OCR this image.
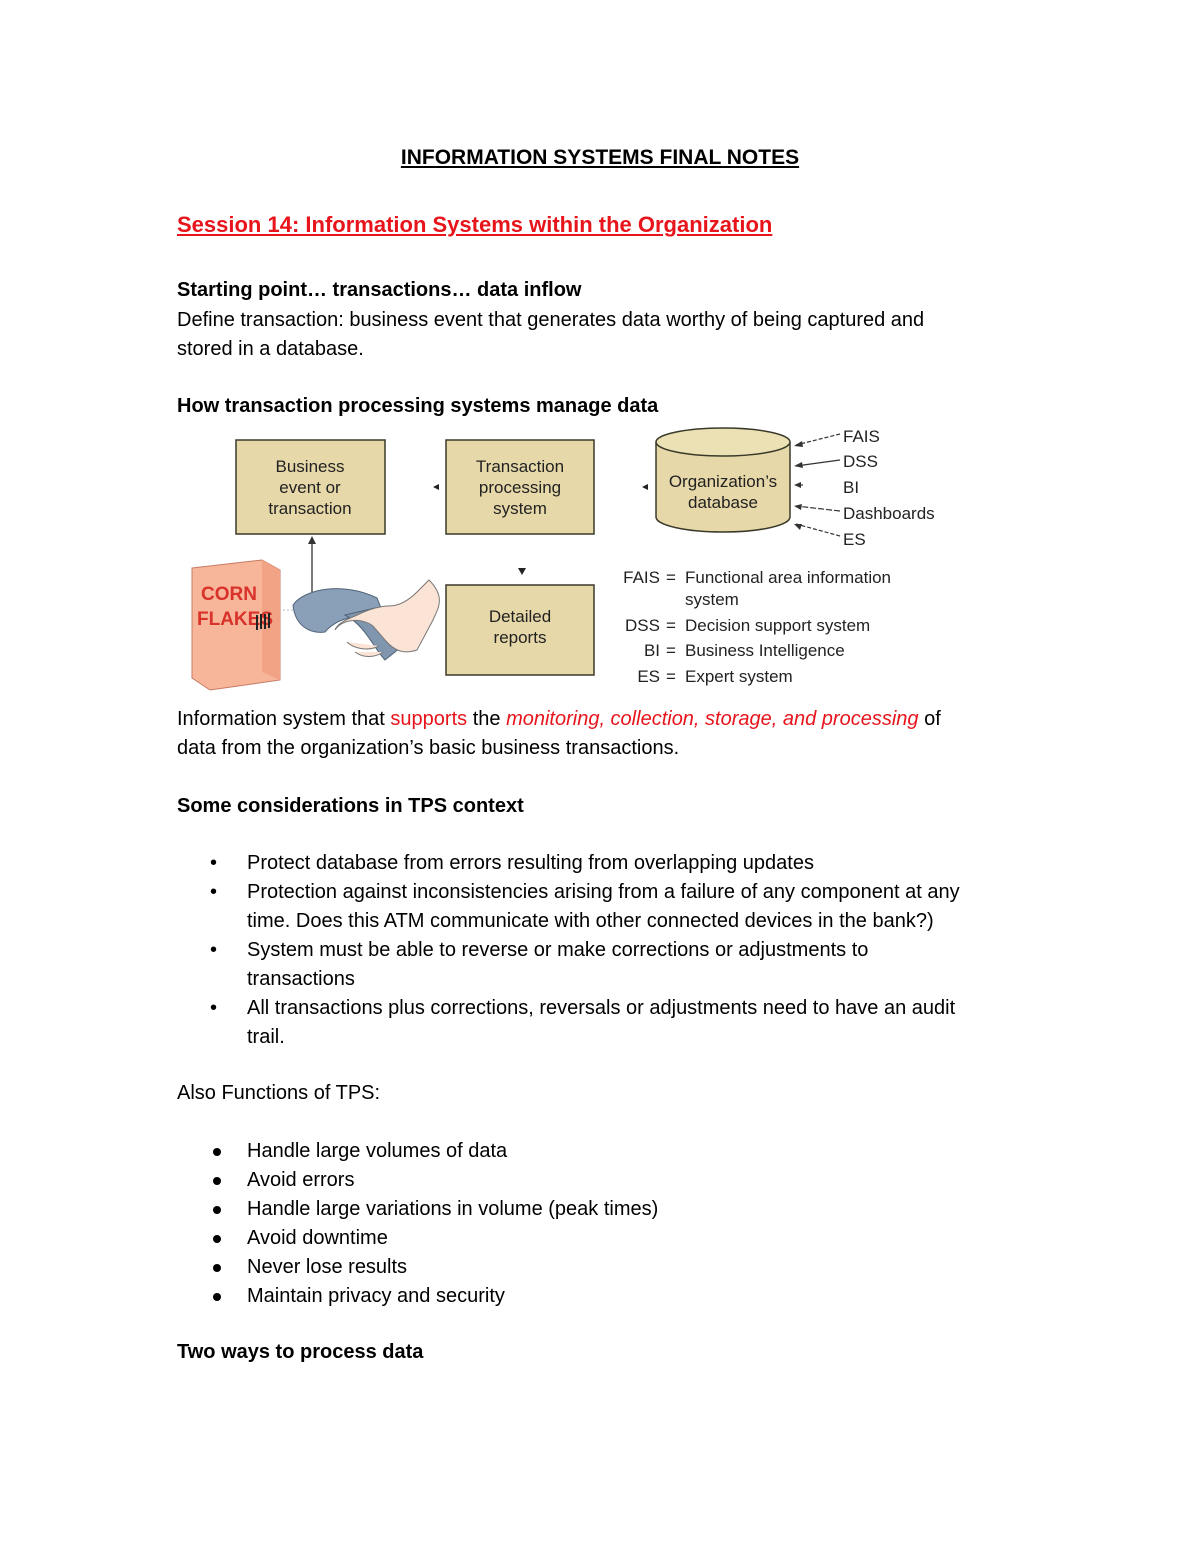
INFORMATION SYSTEMS FINAL NOTES
Session 14: Information Systems within the Organization
Starting point… transactions… data inflow
Define transaction: business event that generates data worthy of being captured and
stored in a database.
How transaction processing systems manage data
Business
event or
transaction
Transaction
processing
system
Detailed
reports
Organization’s
database
FAIS
DSS
BI
Dashboards
ES
CORN
FLAKES
FAIS = Functional area information
system
DSS = Decision support system
BI = Business Intelligence
ES = Expert system
Information system that supports the monitoring, collection, storage, and processing of
data from the organization’s basic business transactions.
Some considerations in TPS context
• Protect database from errors resulting from overlapping updates
• Protection against inconsistencies arising from a failure of any component at any
time. Does this ATM communicate with other connected devices in the bank?)
• System must be able to reverse or make corrections or adjustments to
transactions
• All transactions plus corrections, reversals or adjustments need to have an audit
trail.
Also Functions of TPS:
Handle large volumes of data
Avoid errors
Handle large variations in volume (peak times)
Avoid downtime
Never lose results
Maintain privacy and security
Two ways to process data
